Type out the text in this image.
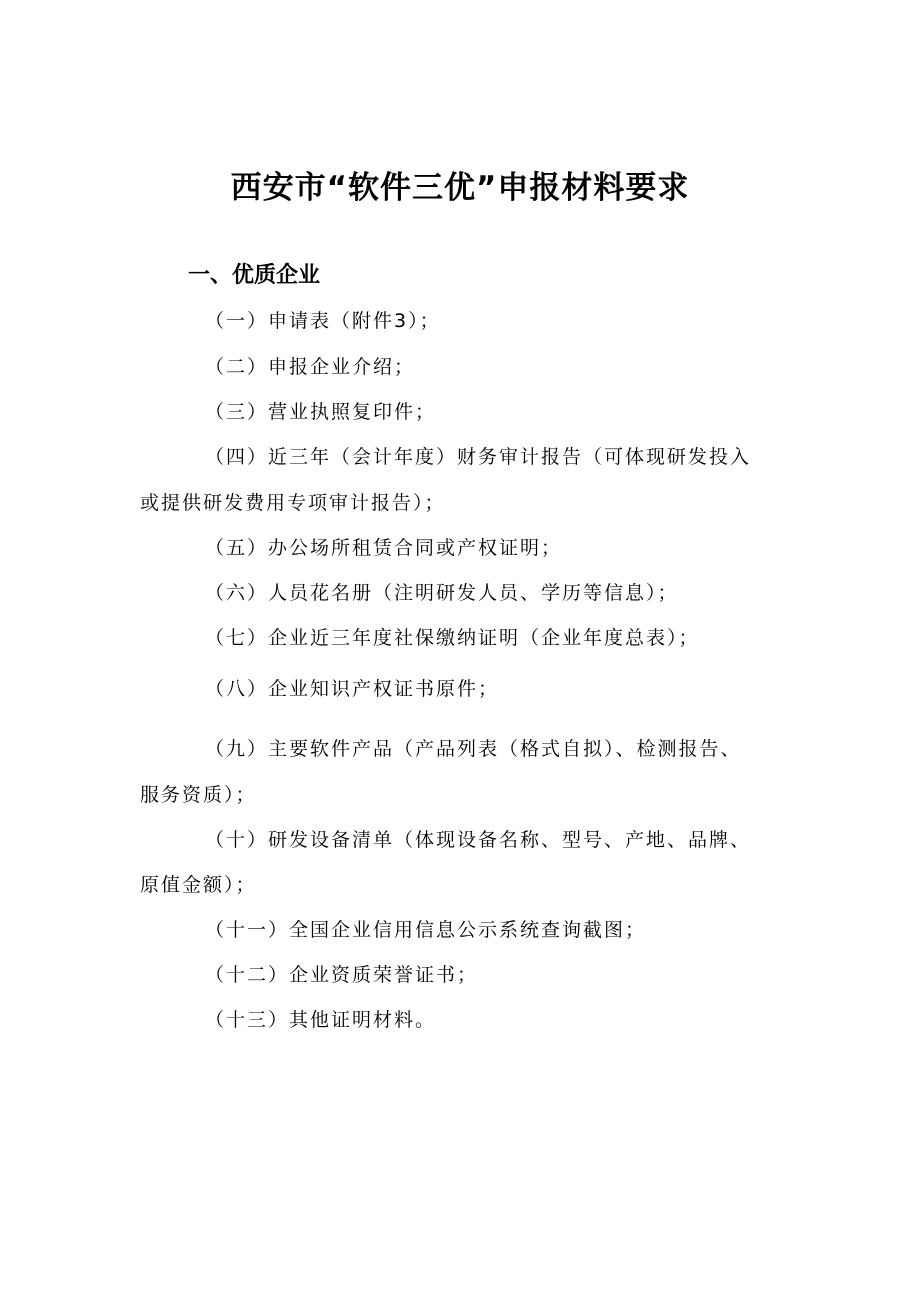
西安市“软件三优”申报材料要求
一、优质企业
（一）申请表（附件3）；
（二）申报企业介绍；
（三）营业执照复印件；
（四）近三年（会计年度）财务审计报告（可体现研发投入
或提供研发费用专项审计报告）；
（五）办公场所租赁合同或产权证明；
（六）人员花名册（注明研发人员、学历等信息）；
（七）企业近三年度社保缴纳证明（企业年度总表）；
（八）企业知识产权证书原件；
（九）主要软件产品（产品列表（格式自拟）、检测报告、
服务资质）；
（十）研发设备清单（体现设备名称、型号、产地、品牌、
原值金额）；
（十一）全国企业信用信息公示系统查询截图；
（十二）企业资质荣誉证书；
（十三）其他证明材料。
